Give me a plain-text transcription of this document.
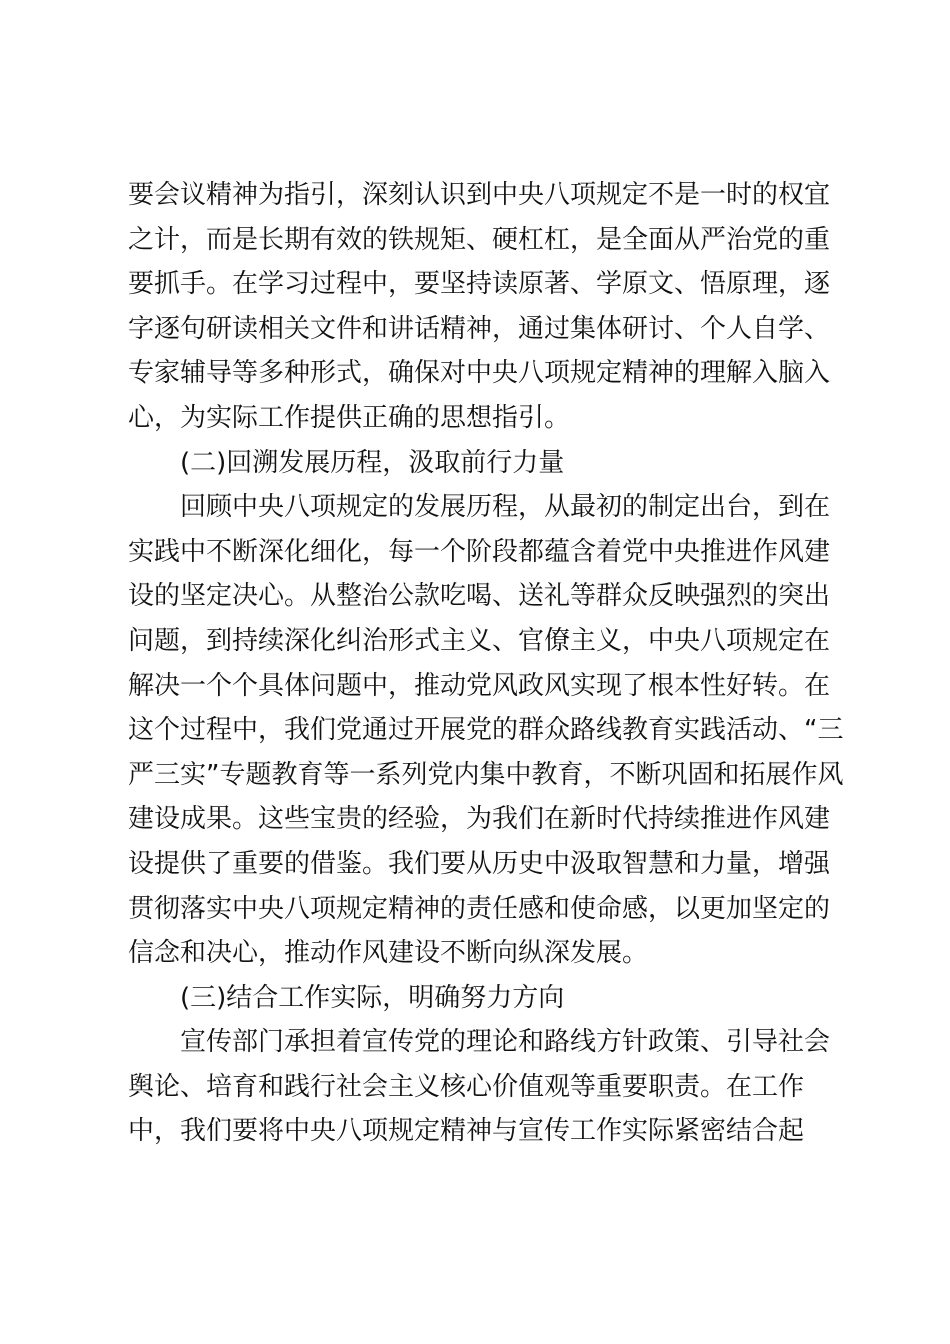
要会议精神为指引，深刻认识到中央八项规定不是一时的权宜
之计，而是长期有效的铁规矩、硬杠杠，是全面从严治党的重
要抓手。在学习过程中，要坚持读原著、学原文、悟原理，逐
字逐句研读相关文件和讲话精神，通过集体研讨、个人自学、
专家辅导等多种形式，确保对中央八项规定精神的理解入脑入
心，为实际工作提供正确的思想指引。
(二)回溯发展历程，汲取前行力量
回顾中央八项规定的发展历程，从最初的制定出台，到在
实践中不断深化细化，每一个阶段都蕴含着党中央推进作风建
设的坚定决心。从整治公款吃喝、送礼等群众反映强烈的突出
问题，到持续深化纠治形式主义、官僚主义，中央八项规定在
解决一个个具体问题中，推动党风政风实现了根本性好转。在
这个过程中，我们党通过开展党的群众路线教育实践活动、“三
严三实”专题教育等一系列党内集中教育，不断巩固和拓展作风
建设成果。这些宝贵的经验，为我们在新时代持续推进作风建
设提供了重要的借鉴。我们要从历史中汲取智慧和力量，增强
贯彻落实中央八项规定精神的责任感和使命感，以更加坚定的
信念和决心，推动作风建设不断向纵深发展。
(三)结合工作实际，明确努力方向
宣传部门承担着宣传党的理论和路线方针政策、引导社会
舆论、培育和践行社会主义核心价值观等重要职责。在工作
中，我们要将中央八项规定精神与宣传工作实际紧密结合起
